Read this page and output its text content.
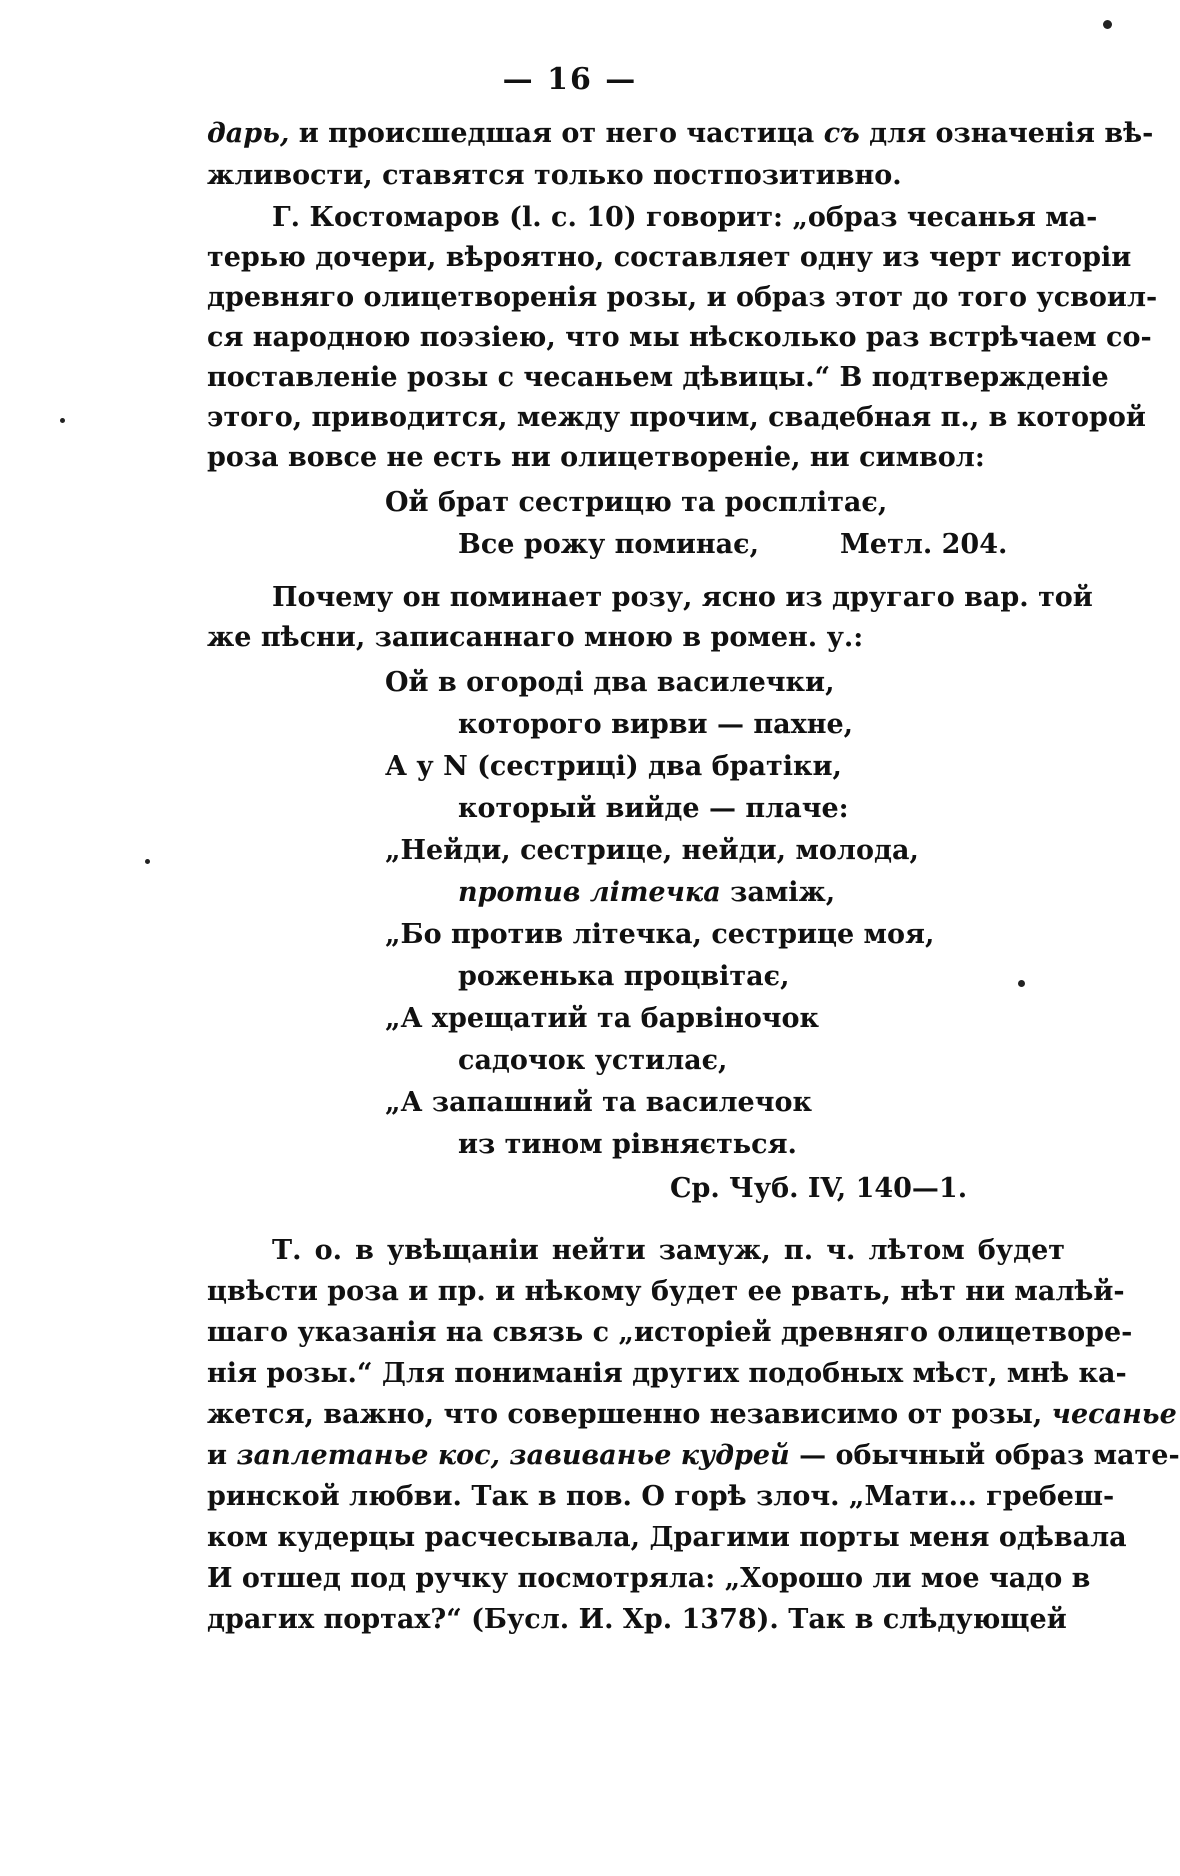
— 16 —
дарь, и происшедшая от него частица съ для означенія вѣ-
жливости, ставятся только постпозитивно.
Г. Костомаров (l. c. 10) говорит: „образ чесанья ма-
терью дочери, вѣроятно, составляет одну из черт исторіи
древняго олицетворенія розы, и образ этот до того усвоил-
ся народною поэзіею, что мы нѣсколько раз встрѣчаем со-
поставленіе розы с чесаньем дѣвицы.“ В подтвержденіе
этого, приводится, между прочим, свадебная п., в которой
роза вовсе не есть ни олицетвореніе, ни символ:
Ой брат сестрицю та росплітає,
Все рожу поминає,	Метл. 204.
Почему он поминает розу, ясно из другаго вар. той
же пѣсни, записаннаго мною в ромен. у.:
Ой в огороді два василечки,
которого вирви — пахне,
А у N (сестриці) два братіки,
который вийде — плаче:
„Нейди, сестрице, нейди, молода,
против літечка заміж,
„Бо против літечка, сестрице моя,
роженька процвітає,
„А хрещатий та барвіночок
садочок устилає,
„А запашний та василечок
из тином рівняється.
Ср. Чуб. IV, 140—1.
Т. о. в увѣщаніи нейти замуж, п. ч. лѣтом будет
цвѣсти роза и пр. и нѣкому будет ее рвать, нѣт ни малѣй-
шаго указанія на связь с „исторіей древняго олицетворе-
нія розы.“ Для пониманія других подобных мѣст, мнѣ ка-
жется, важно, что совершенно независимо от розы, чесанье
и заплетанье кос, завиванье кудрей — обычный образ мате-
ринской любви. Так в пов. О горѣ злоч. „Мати... гребеш-
ком кудерцы расчесывала, Драгими порты меня одѣвала
И отшед под ручку посмотряла: „Хорошо ли мое чадо в
драгих портах?“ (Бусл. И. Хр. 1378). Так в слѣдующей
